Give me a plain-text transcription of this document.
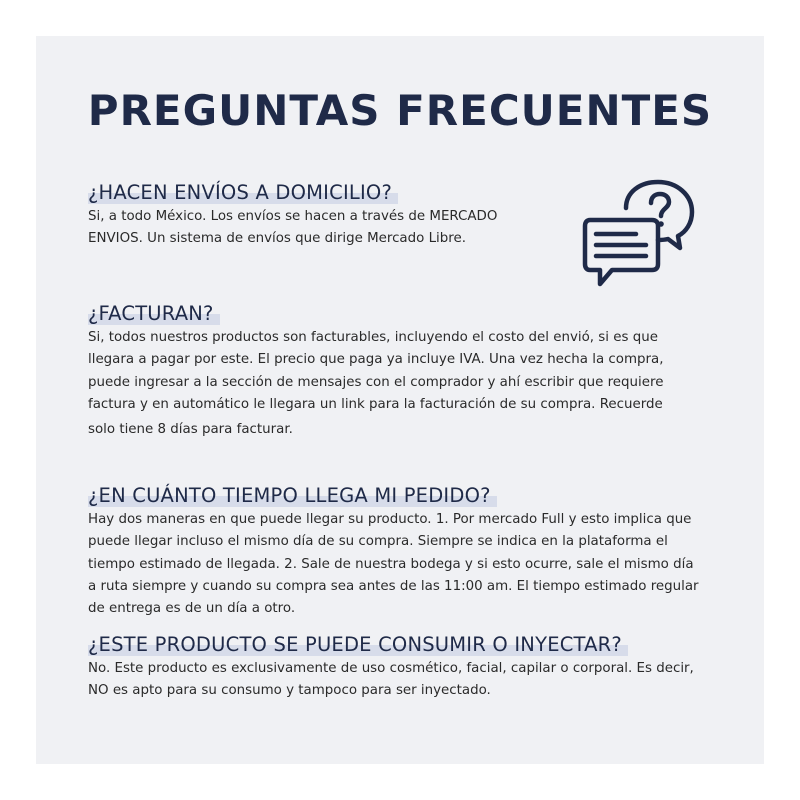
PREGUNTAS FRECUENTES
¿HACEN ENVÍOS A DOMICILIO?

Si, a todo México. Los envíos se hacen a través de MERCADO

ENVIOS. Un sistema de envíos que dirige Mercado Libre.

¿FACTURAN?

Si, todos nuestros productos son facturables, incluyendo el costo del envió, si es que

llegara a pagar por este. El precio que paga ya incluye IVA. Una vez hecha la compra,

puede ingresar a la sección de mensajes con el comprador y ahí escribir que requiere

factura y en automático le llegara un link para la facturación de su compra. Recuerde

solo tiene 8 días para facturar.

¿EN CUÁNTO TIEMPO LLEGA MI PEDIDO?

Hay dos maneras en que puede llegar su producto. 1. Por mercado Full y esto implica que

puede llegar incluso el mismo día de su compra. Siempre se indica en la plataforma el

tiempo estimado de llegada. 2. Sale de nuestra bodega y si esto ocurre, sale el mismo día

a ruta siempre y cuando su compra sea antes de las 11:00 am. El tiempo estimado regular

de entrega es de un día a otro.

¿ESTE PRODUCTO SE PUEDE CONSUMIR O INYECTAR?

No. Este producto es exclusivamente de uso cosmético, facial, capilar o corporal. Es decir,

NO es apto para su consumo y tampoco para ser inyectado.
